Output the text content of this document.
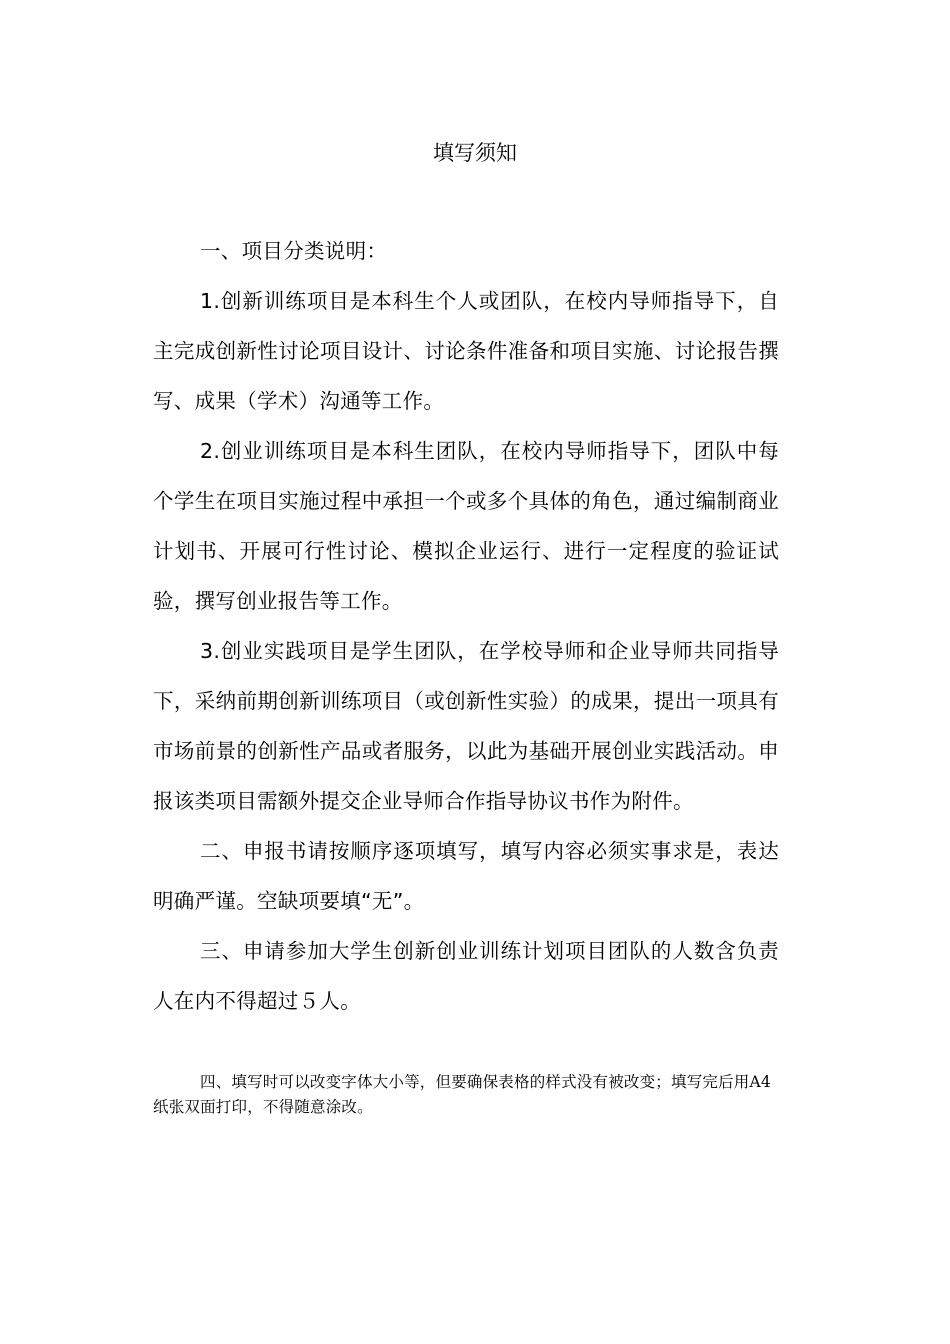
填写须知

一、项目分类说明：

1.创新训练项目是本科生个人或团队，在校内导师指导下，自主完成创新性讨论项目设计、讨论条件准备和项目实施、讨论报告撰写、成果（学术）沟通等工作。

2.创业训练项目是本科生团队，在校内导师指导下，团队中每个学生在项目实施过程中承担一个或多个具体的角色，通过编制商业计划书、开展可行性讨论、模拟企业运行、进行一定程度的验证试验，撰写创业报告等工作。

3.创业实践项目是学生团队，在学校导师和企业导师共同指导下，采纳前期创新训练项目（或创新性实验）的成果，提出一项具有市场前景的创新性产品或者服务，以此为基础开展创业实践活动。申报该类项目需额外提交企业导师合作指导协议书作为附件。

二、申报书请按顺序逐项填写，填写内容必须实事求是，表达明确严谨。空缺项要填“无”。

三、申请参加大学生创新创业训练计划项目团队的人数含负责人在内不得超过５人。

四、填写时可以改变字体大小等，但要确保表格的样式没有被改变；填写完后用A4纸张双面打印，不得随意涂改。
